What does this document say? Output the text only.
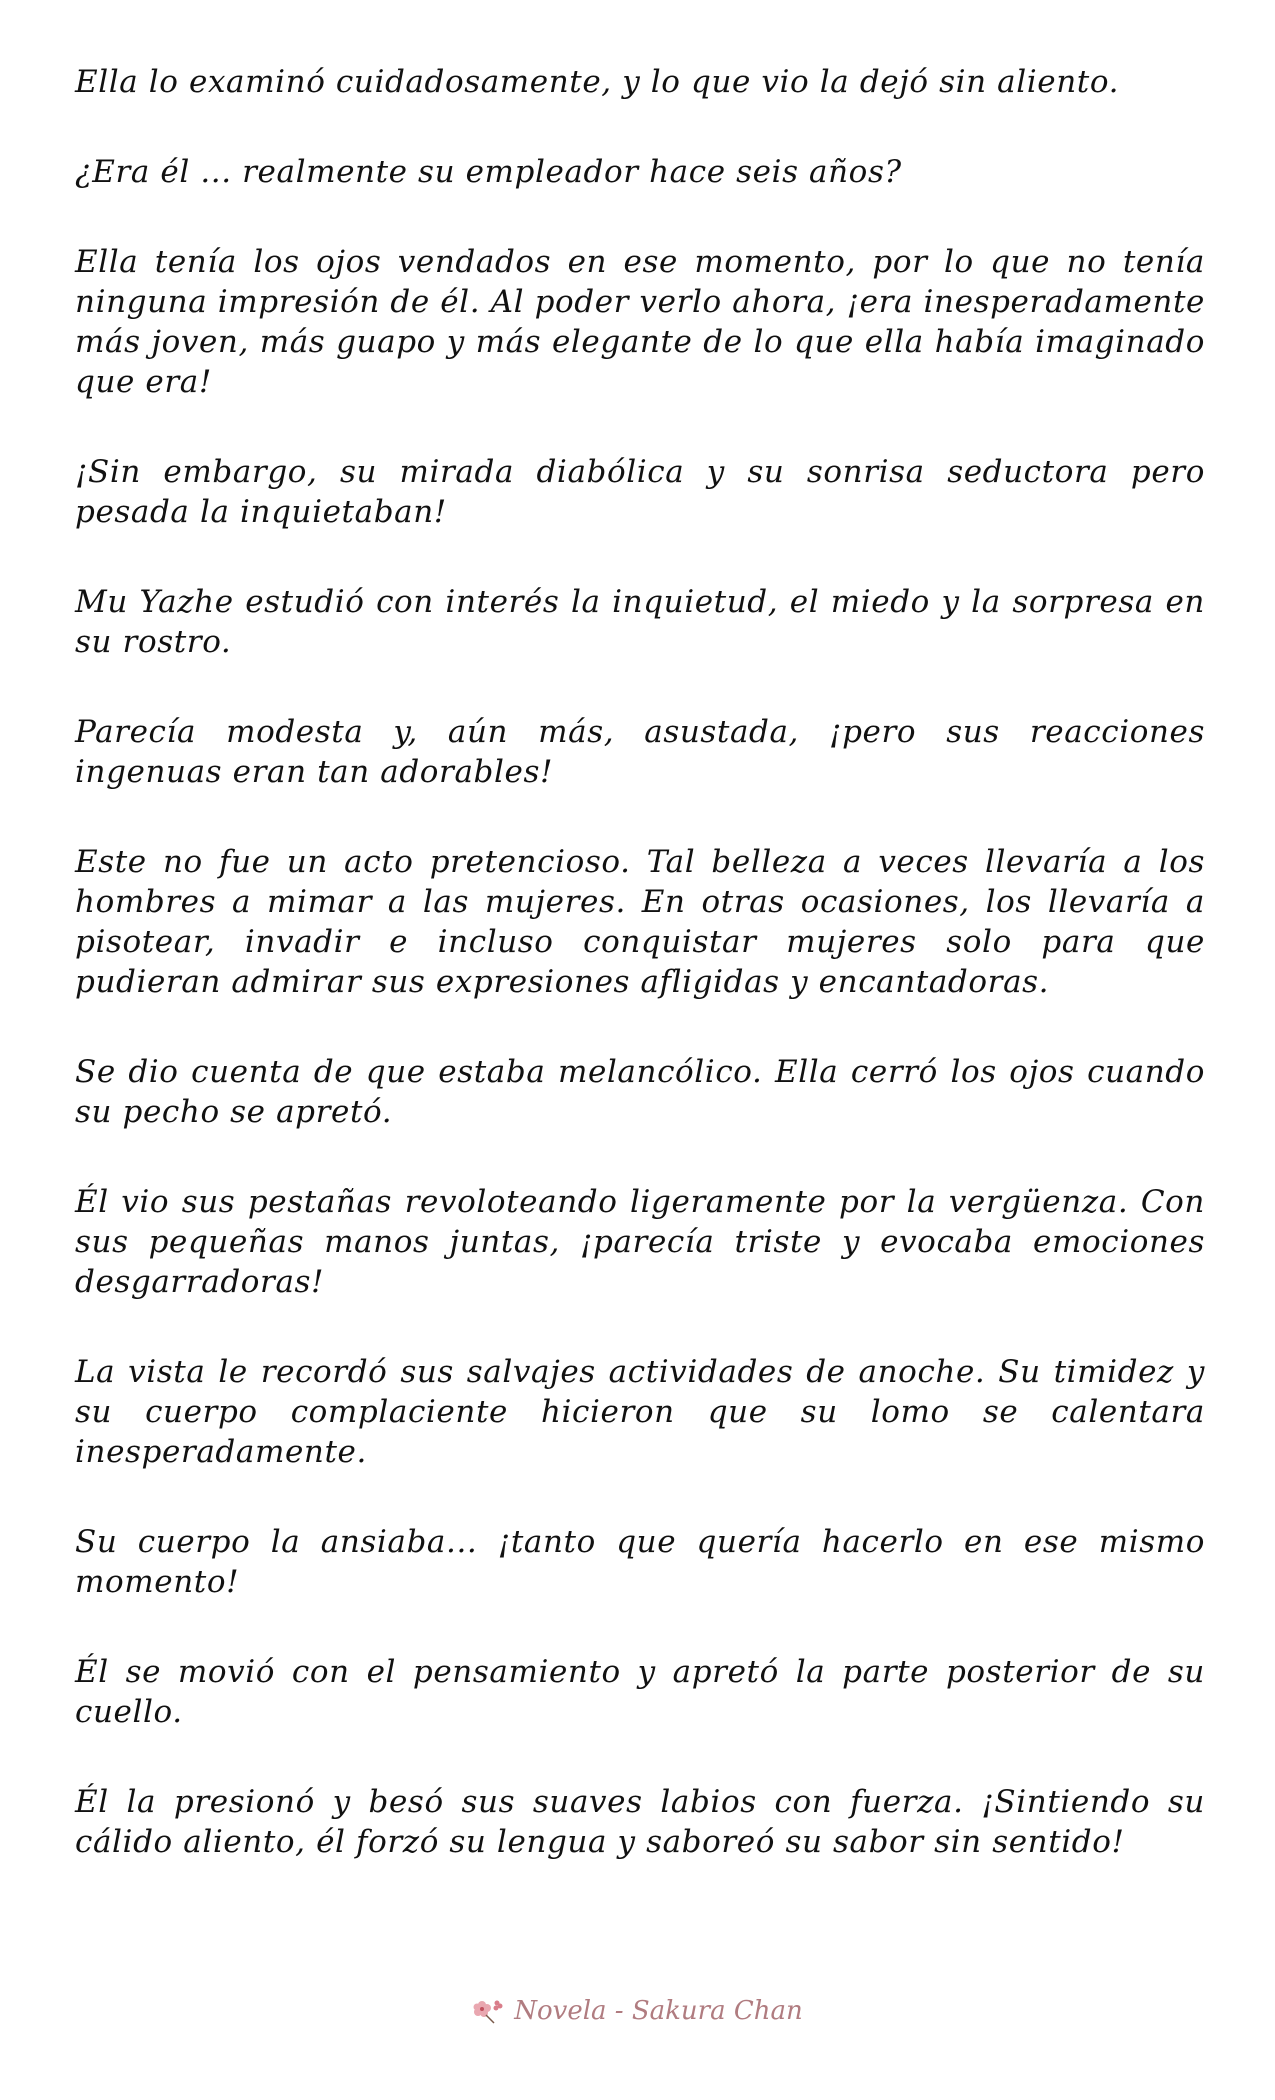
Ella lo examinó cuidadosamente, y lo que vio la dejó sin aliento.

¿Era él ... realmente su empleador hace seis años?

Ella tenía los ojos vendados en ese momento, por lo que no tenía ninguna impresión de él. Al poder verlo ahora, ¡era inesperadamente más joven, más guapo y más elegante de lo que ella había imaginado que era!

¡Sin embargo, su mirada diabólica y su sonrisa seductora pero pesada la inquietaban!

Mu Yazhe estudió con interés la inquietud, el miedo y la sorpresa en su rostro.

Parecía modesta y, aún más, asustada, ¡pero sus reacciones ingenuas eran tan adorables!

Este no fue un acto pretencioso. Tal belleza a veces llevaría a los hombres a mimar a las mujeres. En otras ocasiones, los llevaría a pisotear, invadir e incluso conquistar mujeres solo para que pudieran admirar sus expresiones afligidas y encantadoras.

Se dio cuenta de que estaba melancólico. Ella cerró los ojos cuando su pecho se apretó.

Él vio sus pestañas revoloteando ligeramente por la vergüenza. Con sus pequeñas manos juntas, ¡parecía triste y evocaba emociones desgarradoras!

La vista le recordó sus salvajes actividades de anoche. Su timidez y su cuerpo complaciente hicieron que su lomo se calentara inesperadamente.

Su cuerpo la ansiaba... ¡tanto que quería hacerlo en ese mismo momento!

Él se movió con el pensamiento y apretó la parte posterior de su cuello.

Él la presionó y besó sus suaves labios con fuerza. ¡Sintiendo su cálido aliento, él forzó su lengua y saboreó su sabor sin sentido!

Novela - Sakura Chan
